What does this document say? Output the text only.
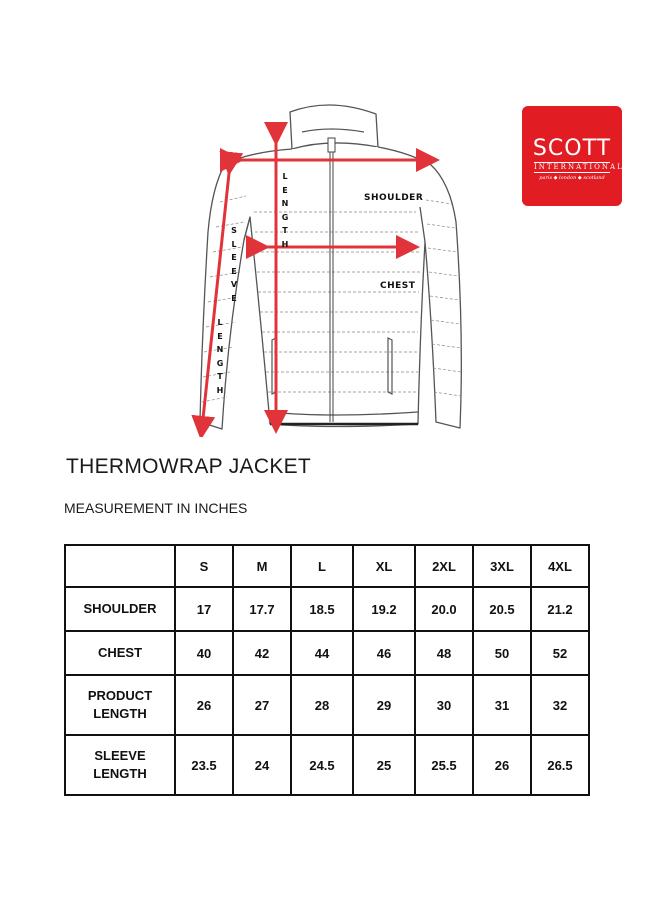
LENGTH
SLEEVE
LENGTH
SHOULDER
CHEST
SCOTT
INTERNATIONAL
paris ◆ london ◆ scotland
THERMOWRAP JACKET
MEASUREMENT IN INCHES
	S	M	L	XL	2XL	3XL	4XL

SHOULDER	17	17.7	18.5	19.2	20.0	20.5	21.2

CHEST	40	42	44	46	48	50	52

PRODUCT
LENGTH	26	27	28	29	30	31	32

SLEEVE
LENGTH	23.5	24	24.5	25	25.5	26	26.5
